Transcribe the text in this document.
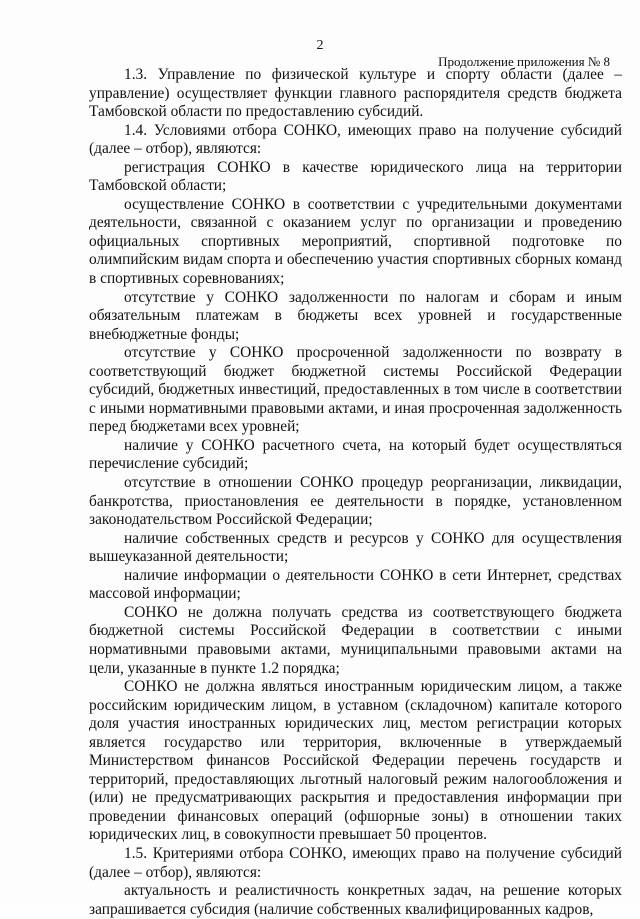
2
Продолжение приложения № 8

1.3. Управление по физической культуре и спорту области (далее – управление) осуществляет функции главного распорядителя средств бюджета Тамбовской области по предоставлению субсидий.

1.4. Условиями отбора СОНКО, имеющих право на получение субсидий (далее – отбор), являются:

регистрация СОНКО в качестве юридического лица на территории Тамбовской области;

осуществление СОНКО в соответствии с учредительными документами деятельности, связанной с оказанием услуг по организации и проведению официальных спортивных мероприятий, спортивной подготовке по олимпийским видам спорта и обеспечению участия спортивных сборных команд в спортивных соревнованиях;

отсутствие у СОНКО задолженности по налогам и сборам и иным обязательным платежам в бюджеты всех уровней и государственные внебюджетные фонды;

отсутствие у СОНКО просроченной задолженности по возврату в соответствующий бюджет бюджетной системы Российской Федерации субсидий, бюджетных инвестиций, предоставленных в том числе в соответствии с иными нормативными правовыми актами, и иная просроченная задолженность перед бюджетами всех уровней;

наличие у СОНКО расчетного счета, на который будет осуществляться перечисление субсидий;

отсутствие в отношении СОНКО процедур реорганизации, ликвидации, банкротства, приостановления ее деятельности в порядке, установленном законодательством Российской Федерации;

наличие собственных средств и ресурсов у СОНКО для осуществления вышеуказанной деятельности;

наличие информации о деятельности СОНКО в сети Интернет, средствах массовой информации;

СОНКО не должна получать средства из соответствующего бюджета бюджетной системы Российской Федерации в соответствии с иными нормативными правовыми актами, муниципальными правовыми актами на цели, указанные в пункте 1.2 порядка;

СОНКО не должна являться иностранным юридическим лицом, а также российским юридическим лицом, в уставном (складочном) капитале которого доля участия иностранных юридических лиц, местом регистрации которых является государство или территория, включенные в утверждаемый Министерством финансов Российской Федерации перечень государств и территорий, предоставляющих льготный налоговый режим налогообложения и (или) не предусматривающих раскрытия и предоставления информации при проведении финансовых операций (офшорные зоны) в отношении таких юридических лиц, в совокупности превышает 50 процентов.

1.5. Критериями отбора СОНКО, имеющих право на получение субсидий (далее – отбор), являются:

актуальность и реалистичность конкретных задач, на решение которых запрашивается субсидия (наличие собственных квалифицированных кадров,
